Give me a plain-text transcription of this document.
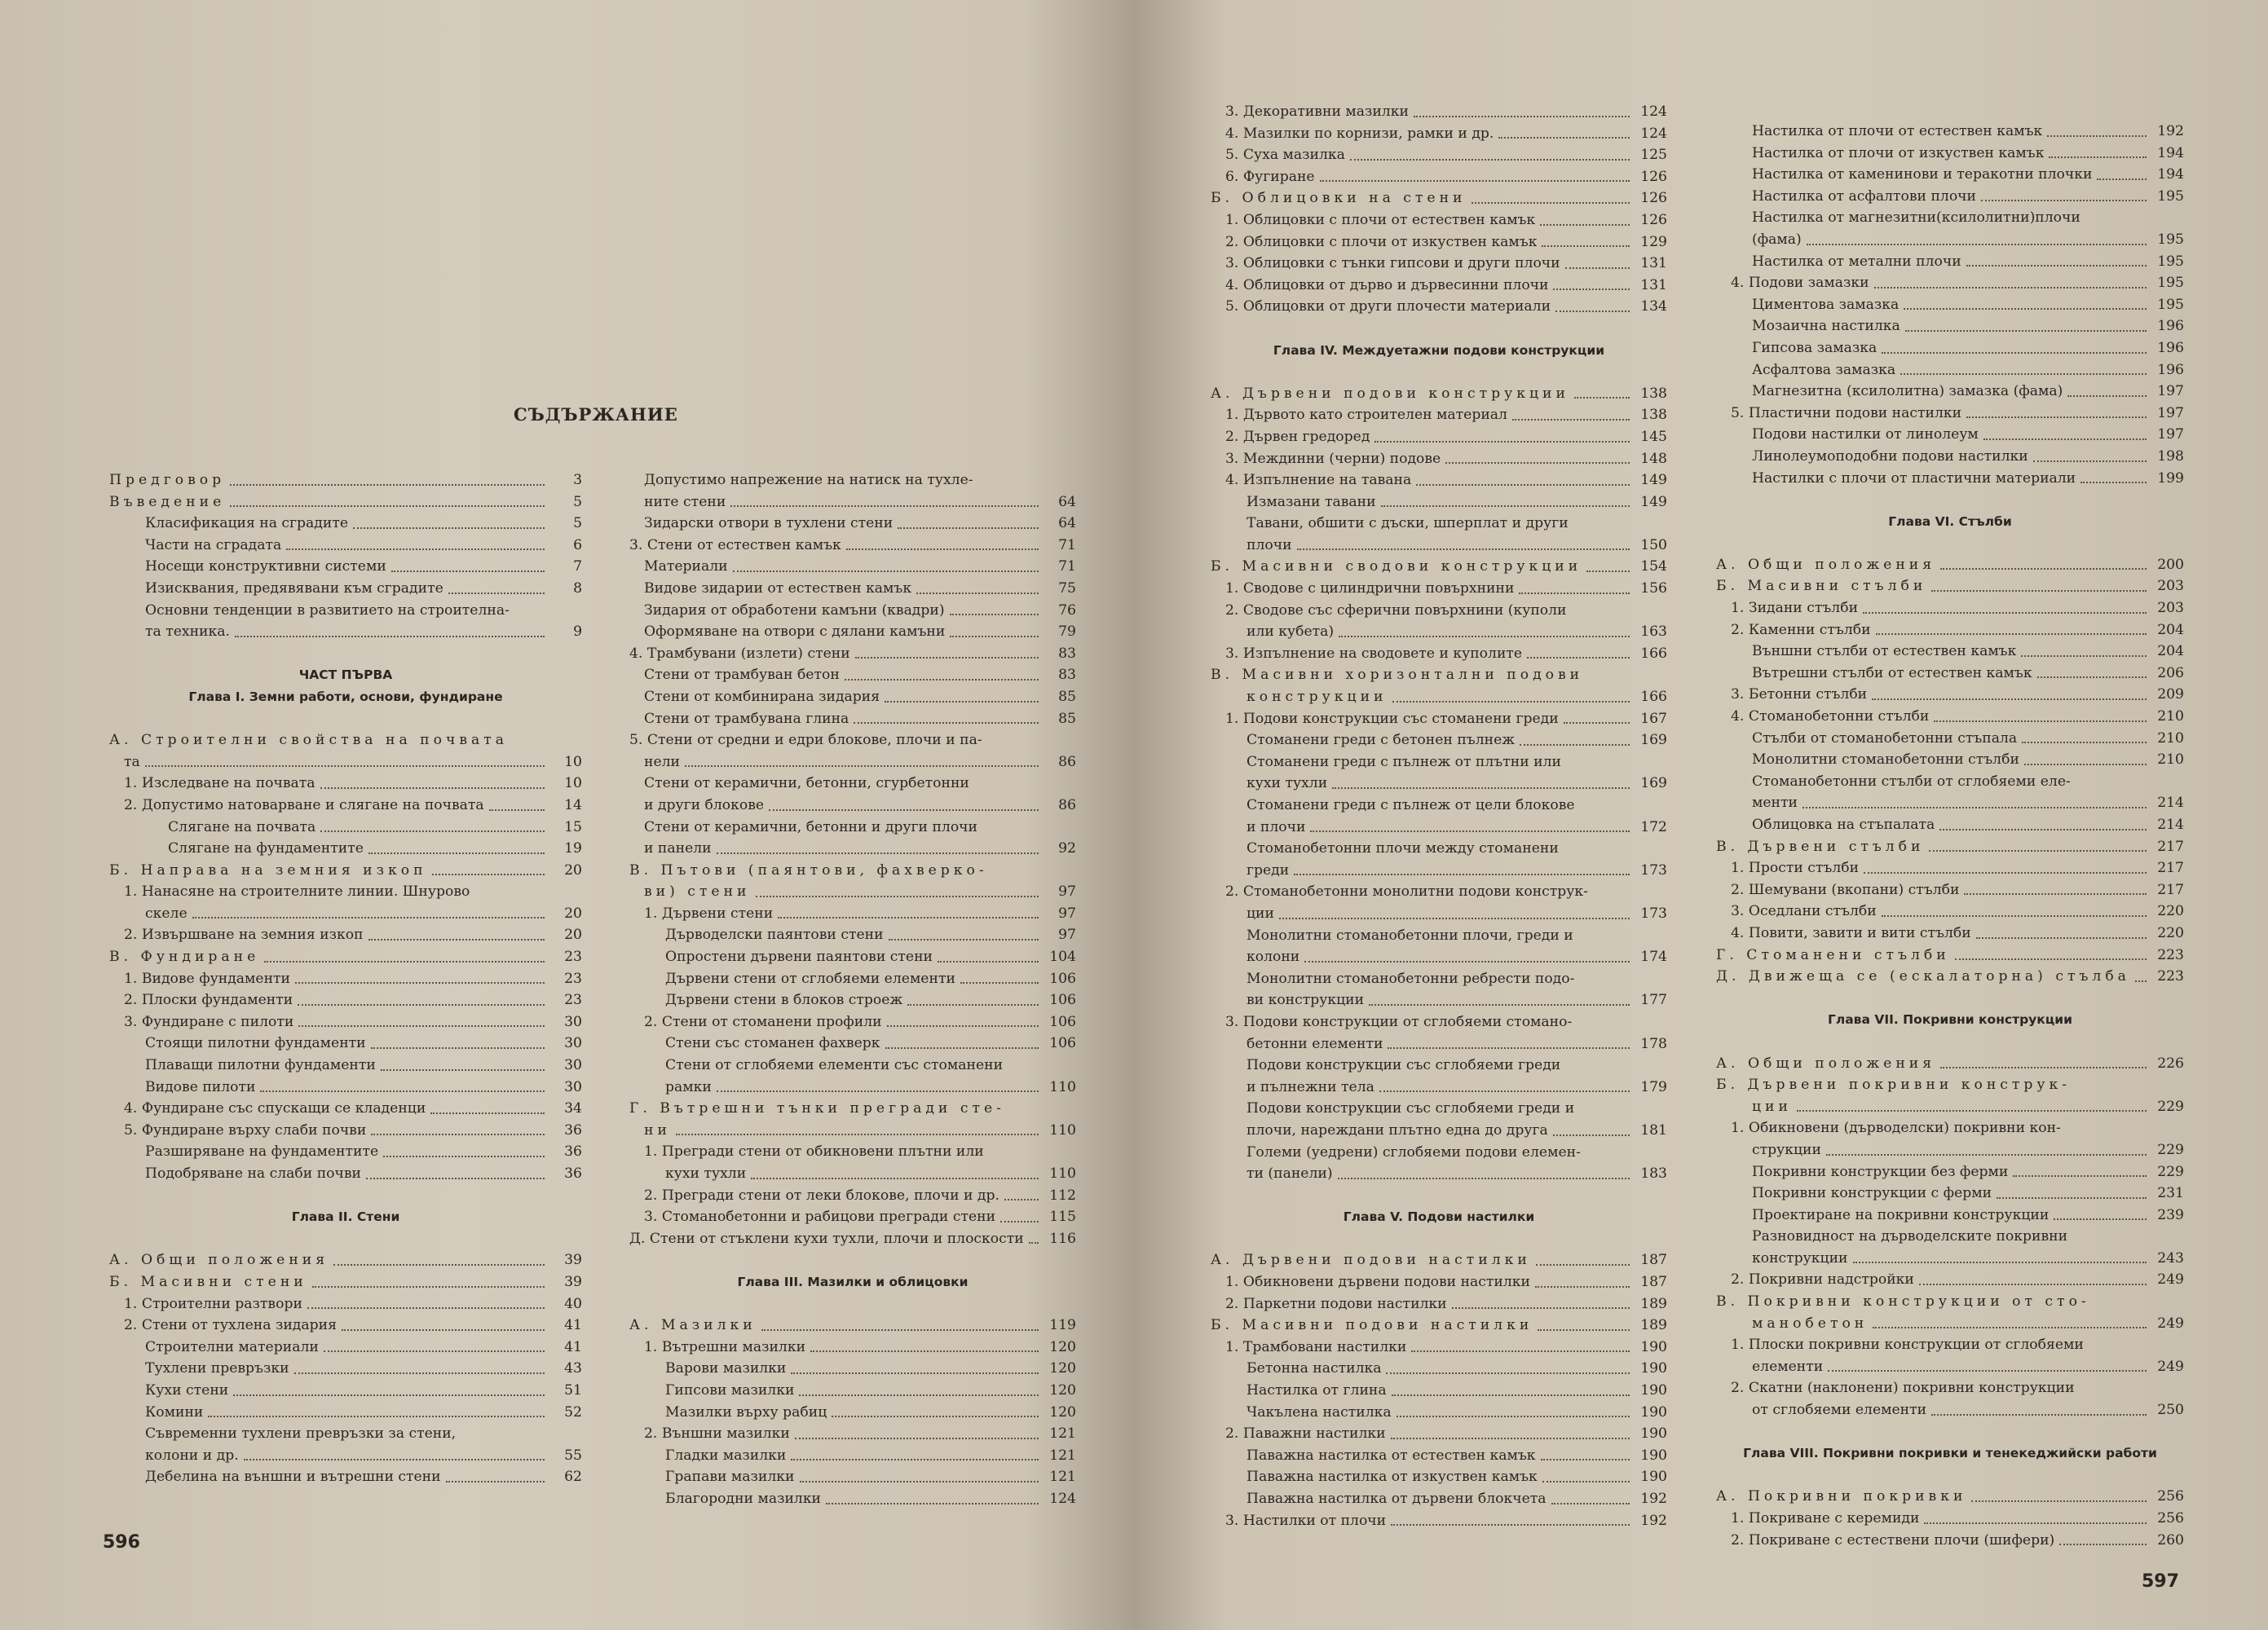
СЪДЪРЖАНИЕ
Предговор	3
Въведение	5
Класификация на сградите	5
Части на сградата	6
Носещи конструктивни системи	7
Изисквания, предявявани към сградите	8
Основни тенденции в развитието на строителна-
та техника.	9
ЧАСТ ПЪРВА
Глава I. Земни работи, основи, фундиране
А. Строителни свойства на почвата
та	10
1. Изследване на почвата	10
2. Допустимо натоварване и слягане на почвата	14
Слягане на почвата	15
Слягане на фундаментите	19
Б. Направа на земния изкоп	20
1. Нанасяне на строителните линии. Шнурово
скеле	20
2. Извършване на земния изкоп	20
В. Фундиране	23
1. Видове фундаменти	23
2. Плоски фундаменти	23
3. Фундиране с пилоти	30
Стоящи пилотни фундаменти	30
Плаващи пилотни фундаменти	30
Видове пилоти	30
4. Фундиране със спускащи се кладенци	34
5. Фундиране върху слаби почви	36
Разширяване на фундаментите	36
Подобряване на слаби почви	36
Глава II. Стени
А. Общи положения	39
Б. Масивни стени	39
1. Строителни разтвори	40
2. Стени от тухлена зидария	41
Строителни материали	41
Тухлени превръзки	43
Кухи стени	51
Комини	52
Съвременни тухлени превръзки за стени,
колони и др.	55
Дебелина на външни и вътрешни стени	62
Допустимо напрежение на натиск на тухле-
ните стени	64
Зидарски отвори в тухлени стени	64
3. Стени от естествен камък	71
Материали	71
Видове зидарии от естествен камък	75
Зидария от обработени камъни (квадри)	76
Оформяване на отвори с дялани камъни	79
4. Трамбувани (излети) стени	83
Стени от трамбуван бетон	83
Стени от комбинирана зидария	85
Стени от трамбувана глина	85
5. Стени от средни и едри блокове, плочи и па-
нели	86
Стени от керамични, бетонни, сгурбетонни
и други блокове	86
Стени от керамични, бетонни и други плочи
и панели	92
В. Пътови (паянтови, фахверко-
ви) стени	97
1. Дървени стени	97
Дърводелски паянтови стени	97
Опростени дървени паянтови стени	104
Дървени стени от сглобяеми елементи	106
Дървени стени в блоков строеж	106
2. Стени от стоманени профили	106
Стени със стоманен фахверк	106
Стени от сглобяеми елементи със стоманени
рамки	110
Г. Вътрешни тънки прегради сте-
ни	110
1. Прегради стени от обикновени плътни или
кухи тухли	110
2. Прегради стени от леки блокове, плочи и др.	112
3. Стоманобетонни и рабицови прегради стени	115
Д. Стени от стъклени кухи тухли, плочи и плоскости	116
Глава III. Мазилки и облицовки
А. Мазилки	119
1. Вътрешни мазилки	120
Варови мазилки	120
Гипсови мазилки	120
Мазилки върху рабиц	120
2. Външни мазилки	121
Гладки мазилки	121
Грапави мазилки	121
Благородни мазилки	124
596
3. Декоративни мазилки	124
4. Мазилки по корнизи, рамки и др.	124
5. Суха мазилка	125
6. Фугиране	126
Б. Облицовки на стени	126
1. Облицовки с плочи от естествен камък	126
2. Облицовки с плочи от изкуствен камък	129
3. Облицовки с тънки гипсови и други плочи	131
4. Облицовки от дърво и дървесинни плочи	131
5. Облицовки от други плочести материали	134
Глава IV. Междуетажни подови конструкции
А. Дървени подови конструкции	138
1. Дървото като строителен материал	138
2. Дървен гредоред	145
3. Междинни (черни) подове	148
4. Изпълнение на тавана	149
Измазани тавани	149
Тавани, обшити с дъски, шперплат и други
плочи	150
Б. Масивни сводови конструкции	154
1. Сводове с цилиндрични повърхнини	156
2. Сводове със сферични повърхнини (куполи
или кубета)	163
3. Изпълнение на сводовете и куполите	166
В. Масивни хоризонтални подови
конструкции	166
1. Подови конструкции със стоманени греди	167
Стоманени греди с бетонен пълнеж	169
Стоманени греди с пълнеж от плътни или
кухи тухли	169
Стоманени греди с пълнеж от цели блокове
и плочи	172
Стоманобетонни плочи между стоманени
греди	173
2. Стоманобетонни монолитни подови конструк-
ции	173
Монолитни стоманобетонни плочи, греди и
колони	174
Монолитни стоманобетонни ребрести подо-
ви конструкции	177
3. Подови конструкции от сглобяеми стомано-
бетонни елементи	178
Подови конструкции със сглобяеми греди
и пълнежни тела	179
Подови конструкции със сглобяеми греди и
плочи, нареждани плътно една до друга	181
Големи (уедрени) сглобяеми подови елемен-
ти (панели)	183
Глава V. Подови настилки
А. Дървени подови настилки	187
1. Обикновени дървени подови настилки	187
2. Паркетни подови настилки	189
Б. Масивни подови настилки	189
1. Трамбовани настилки	190
Бетонна настилка	190
Настилка от глина	190
Чакълена настилка	190
2. Паважни настилки	190
Паважна настилка от естествен камък	190
Паважна настилка от изкуствен камък	190
Паважна настилка от дървени блокчета	192
3. Настилки от плочи	192
Настилка от плочи от естествен камък	192
Настилка от плочи от изкуствен камък	194
Настилка от каменинови и теракотни плочки	194
Настилка от асфалтови плочи	195
Настилка от магнезитни(ксилолитни)плочи
(фама)	195
Настилка от метални плочи	195
4. Подови замазки	195
Циментова замазка	195
Мозаична настилка	196
Гипсова замазка	196
Асфалтова замазка	196
Магнезитна (ксилолитна) замазка (фама)	197
5. Пластични подови настилки	197
Подови настилки от линолеум	197
Линолеумоподобни подови настилки	198
Настилки с плочи от пластични материали	199
Глава VI. Стълби
А. Общи положения	200
Б. Масивни стълби	203
1. Зидани стълби	203
2. Каменни стълби	204
Външни стълби от естествен камък	204
Вътрешни стълби от естествен камък	206
3. Бетонни стълби	209
4. Стоманобетонни стълби	210
Стълби от стоманобетонни стъпала	210
Монолитни стоманобетонни стълби	210
Стоманобетонни стълби от сглобяеми еле-
менти	214
Облицовка на стъпалата	214
В. Дървени стълби	217
1. Прости стълби	217
2. Шемувани (вкопани) стълби	217
3. Оседлани стълби	220
4. Повити, завити и вити стълби	220
Г. Стоманени стълби	223
Д. Движеща се (ескалаторна) стълба	223
Глава VII. Покривни конструкции
А. Общи положения	226
Б. Дървени покривни конструк-
ции	229
1. Обикновени (дърводелски) покривни кон-
струкции	229
Покривни конструкции без ферми	229
Покривни конструкции с ферми	231
Проектиране на покривни конструкции	239
Разновидност на дърводелските покривни
конструкции	243
2. Покривни надстройки	249
В. Покривни конструкции от сто-
манобетон	249
1. Плоски покривни конструкции от сглобяеми
елементи	249
2. Скатни (наклонени) покривни конструкции
от сглобяеми елементи	250
Глава VIII. Покривни покривки и тенекеджийски работи
А. Покривни покривки	256
1. Покриване с керемиди	256
2. Покриване с естествени плочи (шифери)	260
597
